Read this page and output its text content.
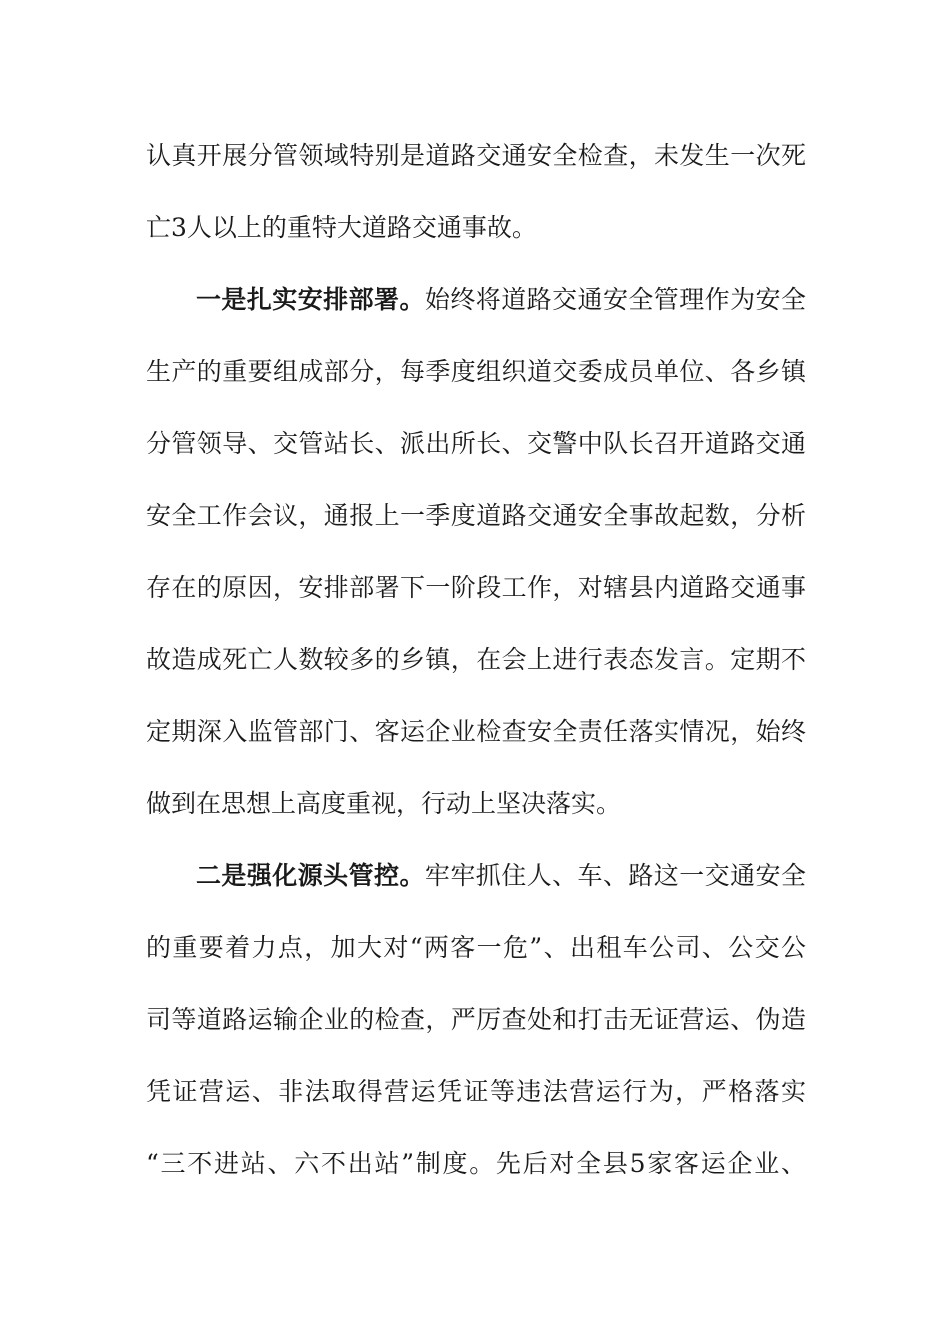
认真开展分管领域特别是道路交通安全检查，未发生一次死
亡3人以上的重特大道路交通事故。
一是扎实安排部署。始终将道路交通安全管理作为安全
生产的重要组成部分，每季度组织道交委成员单位、各乡镇
分管领导、交管站长、派出所长、交警中队长召开道路交通
安全工作会议，通报上一季度道路交通安全事故起数，分析
存在的原因，安排部署下一阶段工作，对辖县内道路交通事
故造成死亡人数较多的乡镇，在会上进行表态发言。定期不
定期深入监管部门、客运企业检查安全责任落实情况，始终
做到在思想上高度重视，行动上坚决落实。
二是强化源头管控。牢牢抓住人、车、路这一交通安全
的重要着力点，加大对“两客一危”、出租车公司、公交公
司等道路运输企业的检查，严厉查处和打击无证营运、伪造
凭证营运、非法取得营运凭证等违法营运行为，严格落实
“三不进站、六不出站”制度。先后对全县5家客运企业、
